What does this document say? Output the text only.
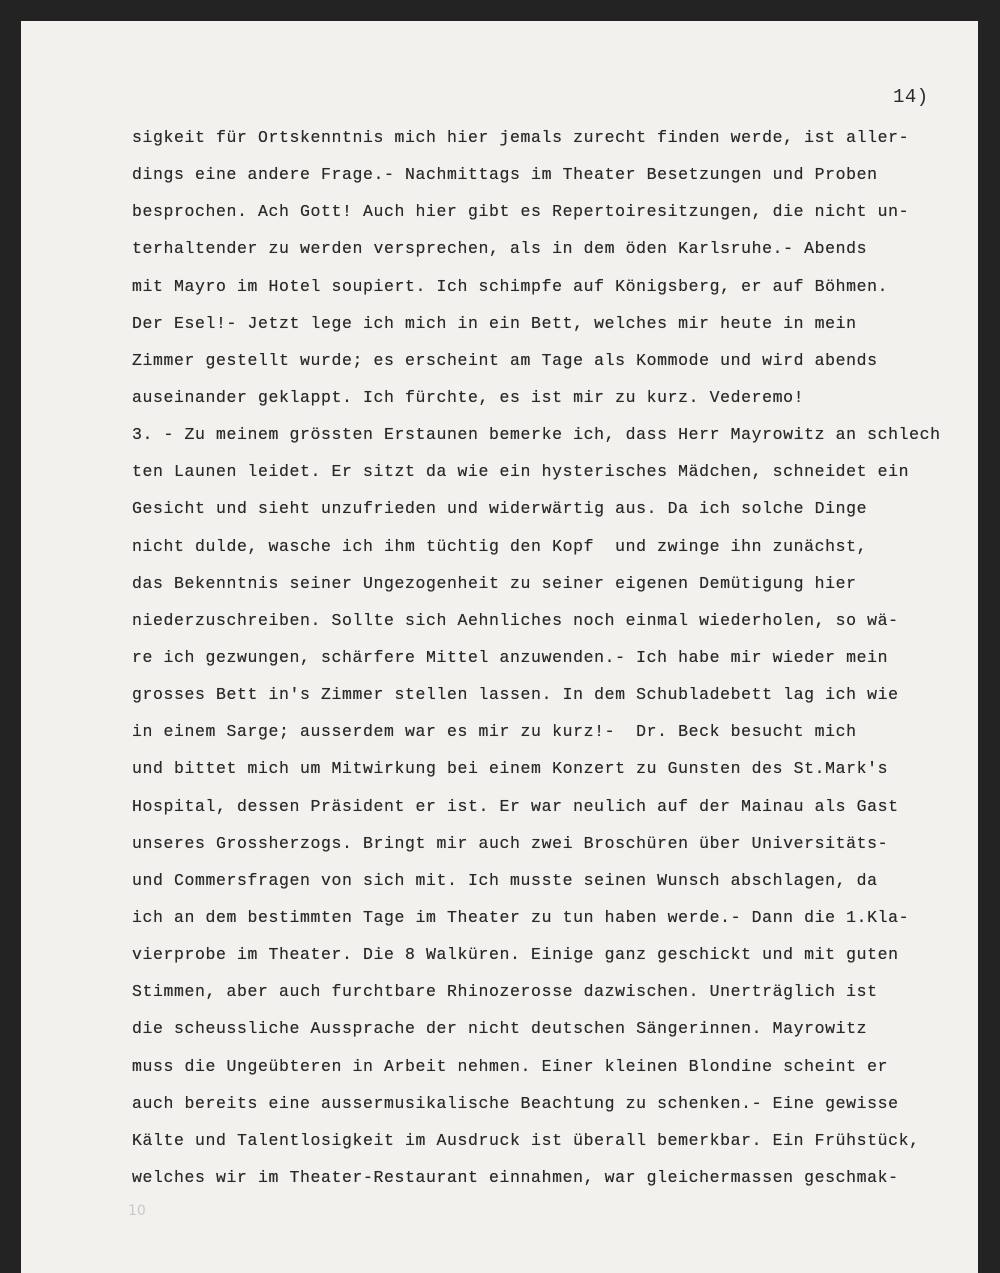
14)
sigkeit für Ortskenntnis mich hier jemals zurecht finden werde, ist aller-
dings eine andere Frage.- Nachmittags im Theater Besetzungen und Proben
besprochen. Ach Gott! Auch hier gibt es Repertoiresitzungen, die nicht un-
terhaltender zu werden versprechen, als in dem öden Karlsruhe.- Abends
mit Mayro im Hotel soupiert. Ich schimpfe auf Königsberg, er auf Böhmen.
Der Esel!- Jetzt lege ich mich in ein Bett, welches mir heute in mein
Zimmer gestellt wurde; es erscheint am Tage als Kommode und wird abends
auseinander geklappt. Ich fürchte, es ist mir zu kurz. Vederemo!
3. - Zu meinem grössten Erstaunen bemerke ich, dass Herr Mayrowitz an schlech
ten Launen leidet. Er sitzt da wie ein hysterisches Mädchen, schneidet ein
Gesicht und sieht unzufrieden und widerwärtig aus. Da ich solche Dinge
nicht dulde, wasche ich ihm tüchtig den Kopf  und zwinge ihn zunächst,
das Bekenntnis seiner Ungezogenheit zu seiner eigenen Demütigung hier
niederzuschreiben. Sollte sich Aehnliches noch einmal wiederholen, so wä-
re ich gezwungen, schärfere Mittel anzuwenden.- Ich habe mir wieder mein
grosses Bett in's Zimmer stellen lassen. In dem Schubladebett lag ich wie
in einem Sarge; ausserdem war es mir zu kurz!-  Dr. Beck besucht mich
und bittet mich um Mitwirkung bei einem Konzert zu Gunsten des St.Mark's
Hospital, dessen Präsident er ist. Er war neulich auf der Mainau als Gast
unseres Grossherzogs. Bringt mir auch zwei Broschüren über Universitäts-
und Commersfragen von sich mit. Ich musste seinen Wunsch abschlagen, da
ich an dem bestimmten Tage im Theater zu tun haben werde.- Dann die 1.Kla-
vierprobe im Theater. Die 8 Walküren. Einige ganz geschickt und mit guten
Stimmen, aber auch furchtbare Rhinozerosse dazwischen. Unerträglich ist
die scheussliche Aussprache der nicht deutschen Sängerinnen. Mayrowitz
muss die Ungeübteren in Arbeit nehmen. Einer kleinen Blondine scheint er
auch bereits eine aussermusikalische Beachtung zu schenken.- Eine gewisse
Kälte und Talentlosigkeit im Ausdruck ist überall bemerkbar. Ein Frühstück,
welches wir im Theater-Restaurant einnahmen, war gleichermassen geschmak-
10
